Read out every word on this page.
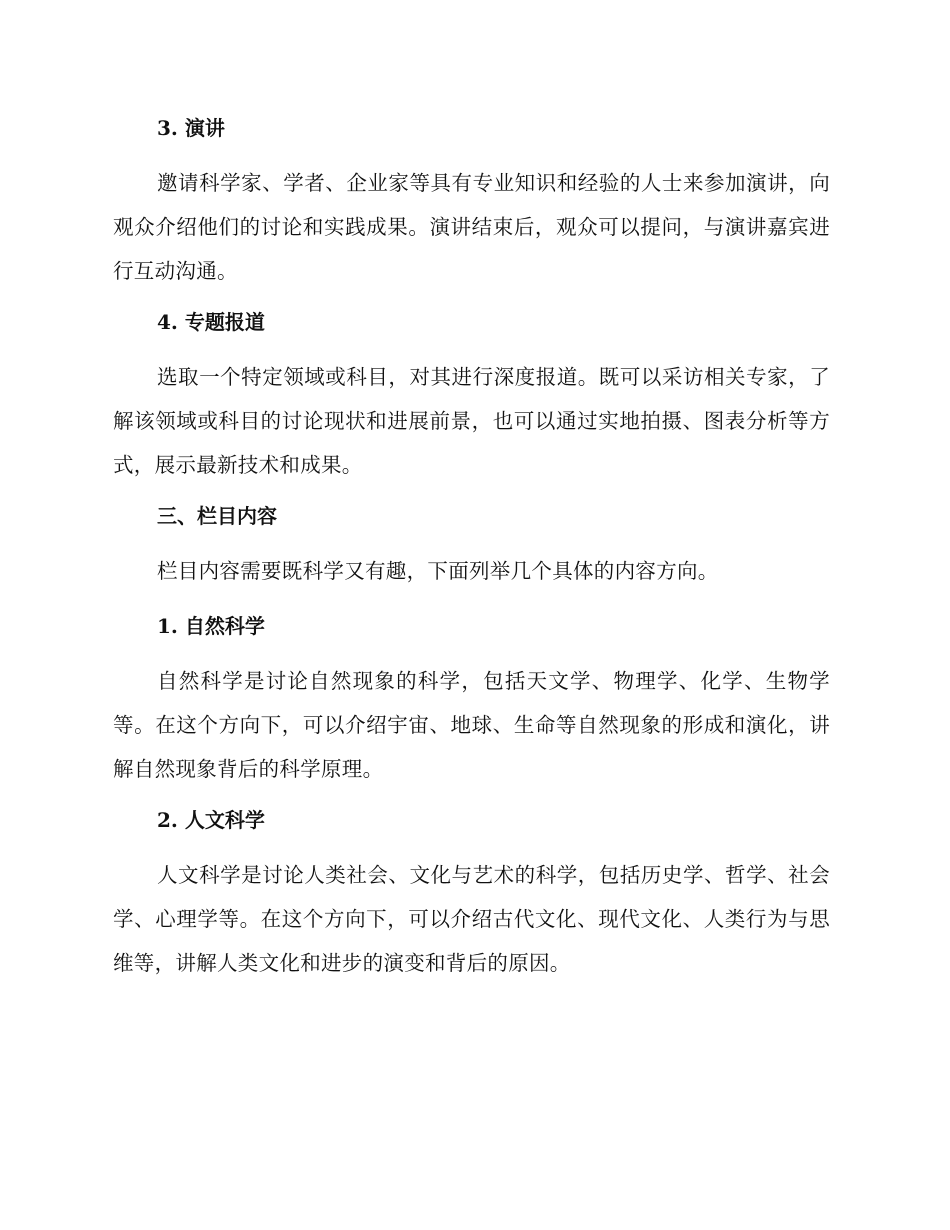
3. 演讲
邀请科学家、学者、企业家等具有专业知识和经验的人士来参加演讲，向观众介绍他们的讨论和实践成果。演讲结束后，观众可以提问，与演讲嘉宾进行互动沟通。
4. 专题报道
选取一个特定领域或科目，对其进行深度报道。既可以采访相关专家，了解该领域或科目的讨论现状和进展前景，也可以通过实地拍摄、图表分析等方式，展示最新技术和成果。
三、栏目内容
栏目内容需要既科学又有趣，下面列举几个具体的内容方向。
1. 自然科学
自然科学是讨论自然现象的科学，包括天文学、物理学、化学、生物学等。在这个方向下，可以介绍宇宙、地球、生命等自然现象的形成和演化，讲解自然现象背后的科学原理。
2. 人文科学
人文科学是讨论人类社会、文化与艺术的科学，包括历史学、哲学、社会学、心理学等。在这个方向下，可以介绍古代文化、现代文化、人类行为与思维等，讲解人类文化和进步的演变和背后的原因。
